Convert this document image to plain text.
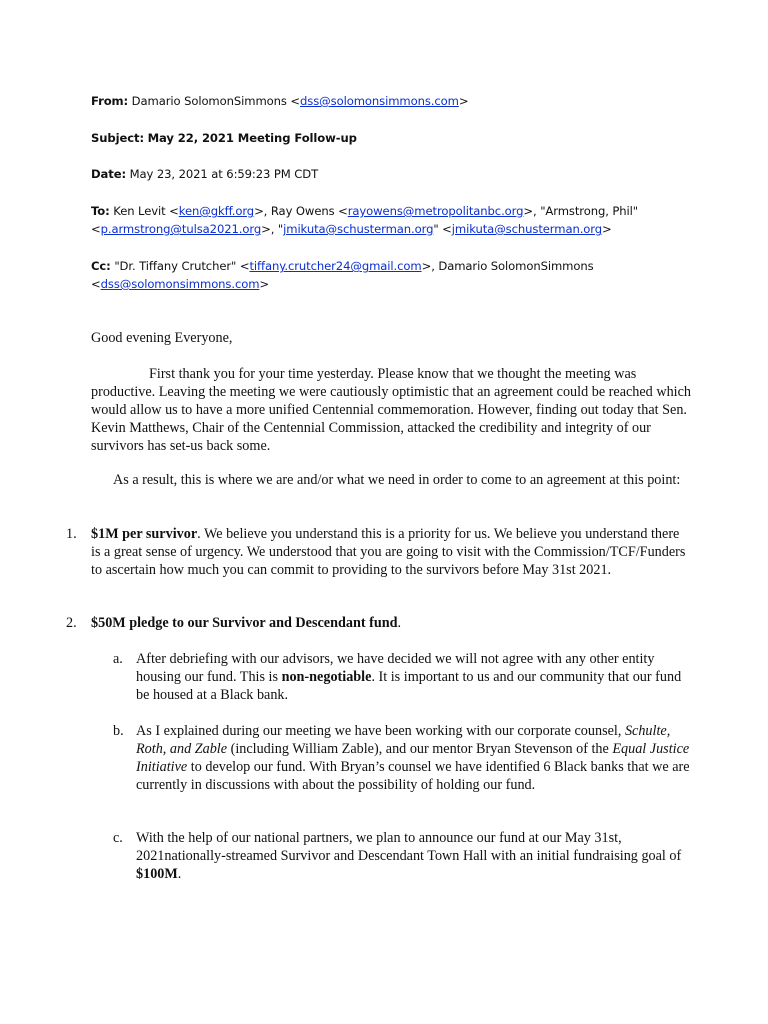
From: Damario SolomonSimmons <dss@solomonsimmons.com>
Subject: May 22, 2021 Meeting Follow-up
Date: May 23, 2021 at 6:59:23 PM CDT
To: Ken Levit <ken@gkff.org>, Ray Owens <rayowens@metropolitanbc.org>, "Armstrong, Phil"
<p.armstrong@tulsa2021.org>, "jmikuta@schusterman.org" <jmikuta@schusterman.org>
Cc: "Dr. Tiffany Crutcher" <tiffany.crutcher24@gmail.com>, Damario SolomonSimmons
<dss@solomonsimmons.com>
Good evening Everyone,
First thank you for your time yesterday. Please know that we thought the meeting was productive. Leaving the meeting we were cautiously optimistic that an agreement could be reached which would allow us to have a more unified Centennial commemoration. However, finding out today that Sen. Kevin Matthews, Chair of the Centennial Commission, attacked the credibility and integrity of our survivors has set-us back some.
As a result, this is where we are and/or what we need in order to come to an agreement at this point:
1. $1M per survivor. We believe you understand this is a priority for us. We believe you understand there is a great sense of urgency. We understood that you are going to visit with the Commission/TCF/Funders to ascertain how much you can commit to providing to the survivors before May 31st 2021.
2. $50M pledge to our Survivor and Descendant fund.
a. After debriefing with our advisors, we have decided we will not agree with any other entity housing our fund. This is non-negotiable. It is important to us and our community that our fund be housed at a Black bank.
b. As I explained during our meeting we have been working with our corporate counsel, Schulte, Roth, and Zable (including William Zable), and our mentor Bryan Stevenson of the Equal Justice Initiative to develop our fund. With Bryan’s counsel we have identified 6 Black banks that we are currently in discussions with about the possibility of holding our fund.
c. With the help of our national partners, we plan to announce our fund at our May 31st, 2021nationally-streamed Survivor and Descendant Town Hall with an initial fundraising goal of $100M.
